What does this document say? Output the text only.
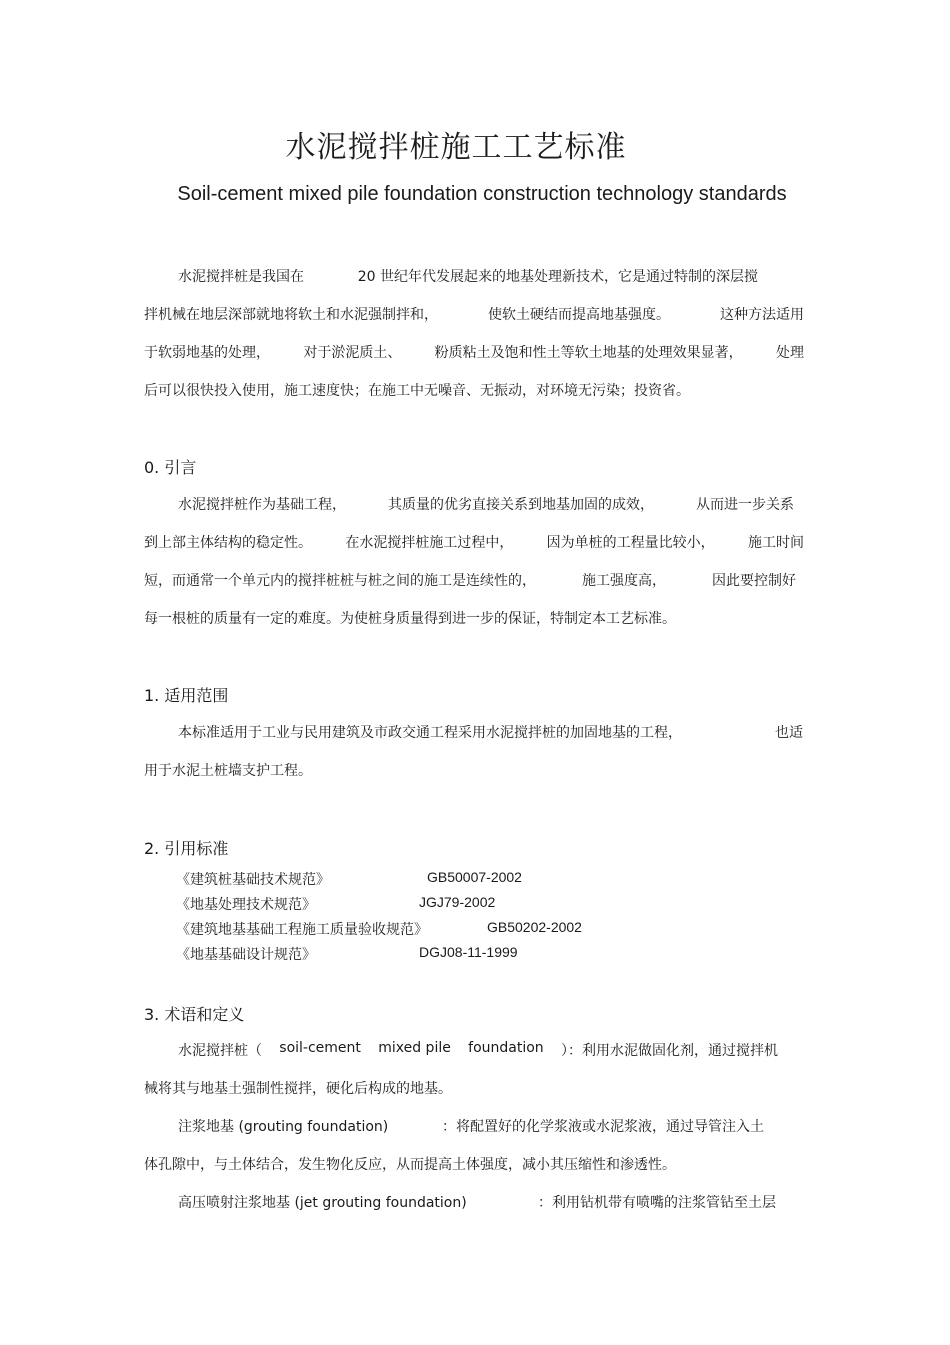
水泥搅拌桩施工工艺标准
Soil-cement mixed pile foundation construction technology standards
水泥搅拌桩是我国在	20 世纪年代发展起来的地基处理新技术，它是通过特制的深层搅
拌机械在地层深部就地将软土和水泥强制拌和，	使软土硬结而提高地基强度。	这种方法适用
于软弱地基的处理， 对于淤泥质土、 粉质粘土及饱和性土等软土地基的处理效果显著， 处理
后可以很快投入使用，施工速度快；在施工中无噪音、无振动，对环境无污染；投资省。
0. 引言
水泥搅拌桩作为基础工程，	其质量的优劣直接关系到地基加固的成效，	从而进一步关系
到上部主体结构的稳定性。 在水泥搅拌桩施工过程中， 因为单桩的工程量比较小， 施工时间
短，而通常一个单元内的搅拌桩桩与桩之间的施工是连续性的，	施工强度高，	因此要控制好
每一根桩的质量有一定的难度。为使桩身质量得到进一步的保证，特制定本工艺标准。
1. 适用范围
本标准适用于工业与民用建筑及市政交通工程采用水泥搅拌桩的加固地基的工程，	也适
用于水泥土桩墙支护工程。
2. 引用标准
《建筑桩基础技术规范》	GB50007-2002
《地基处理技术规范》	JGJ79-2002
《建筑地基基础工程施工质量验收规范》	GB50202-2002
《地基基础设计规范》	DGJ08-11-1999
3. 术语和定义
水泥搅拌桩（ soil-cement mixed pile foundation ）：利用水泥做固化剂，通过搅拌机
械将其与地基土强制性搅拌，硬化后构成的地基。
注浆地基 (grouting foundation)	：将配置好的化学浆液或水泥浆液，通过导管注入土
体孔隙中，与土体结合，发生物化反应，从而提高土体强度，减小其压缩性和渗透性。
高压喷射注浆地基 (jet grouting foundation)	：利用钻机带有喷嘴的注浆管钻至土层
